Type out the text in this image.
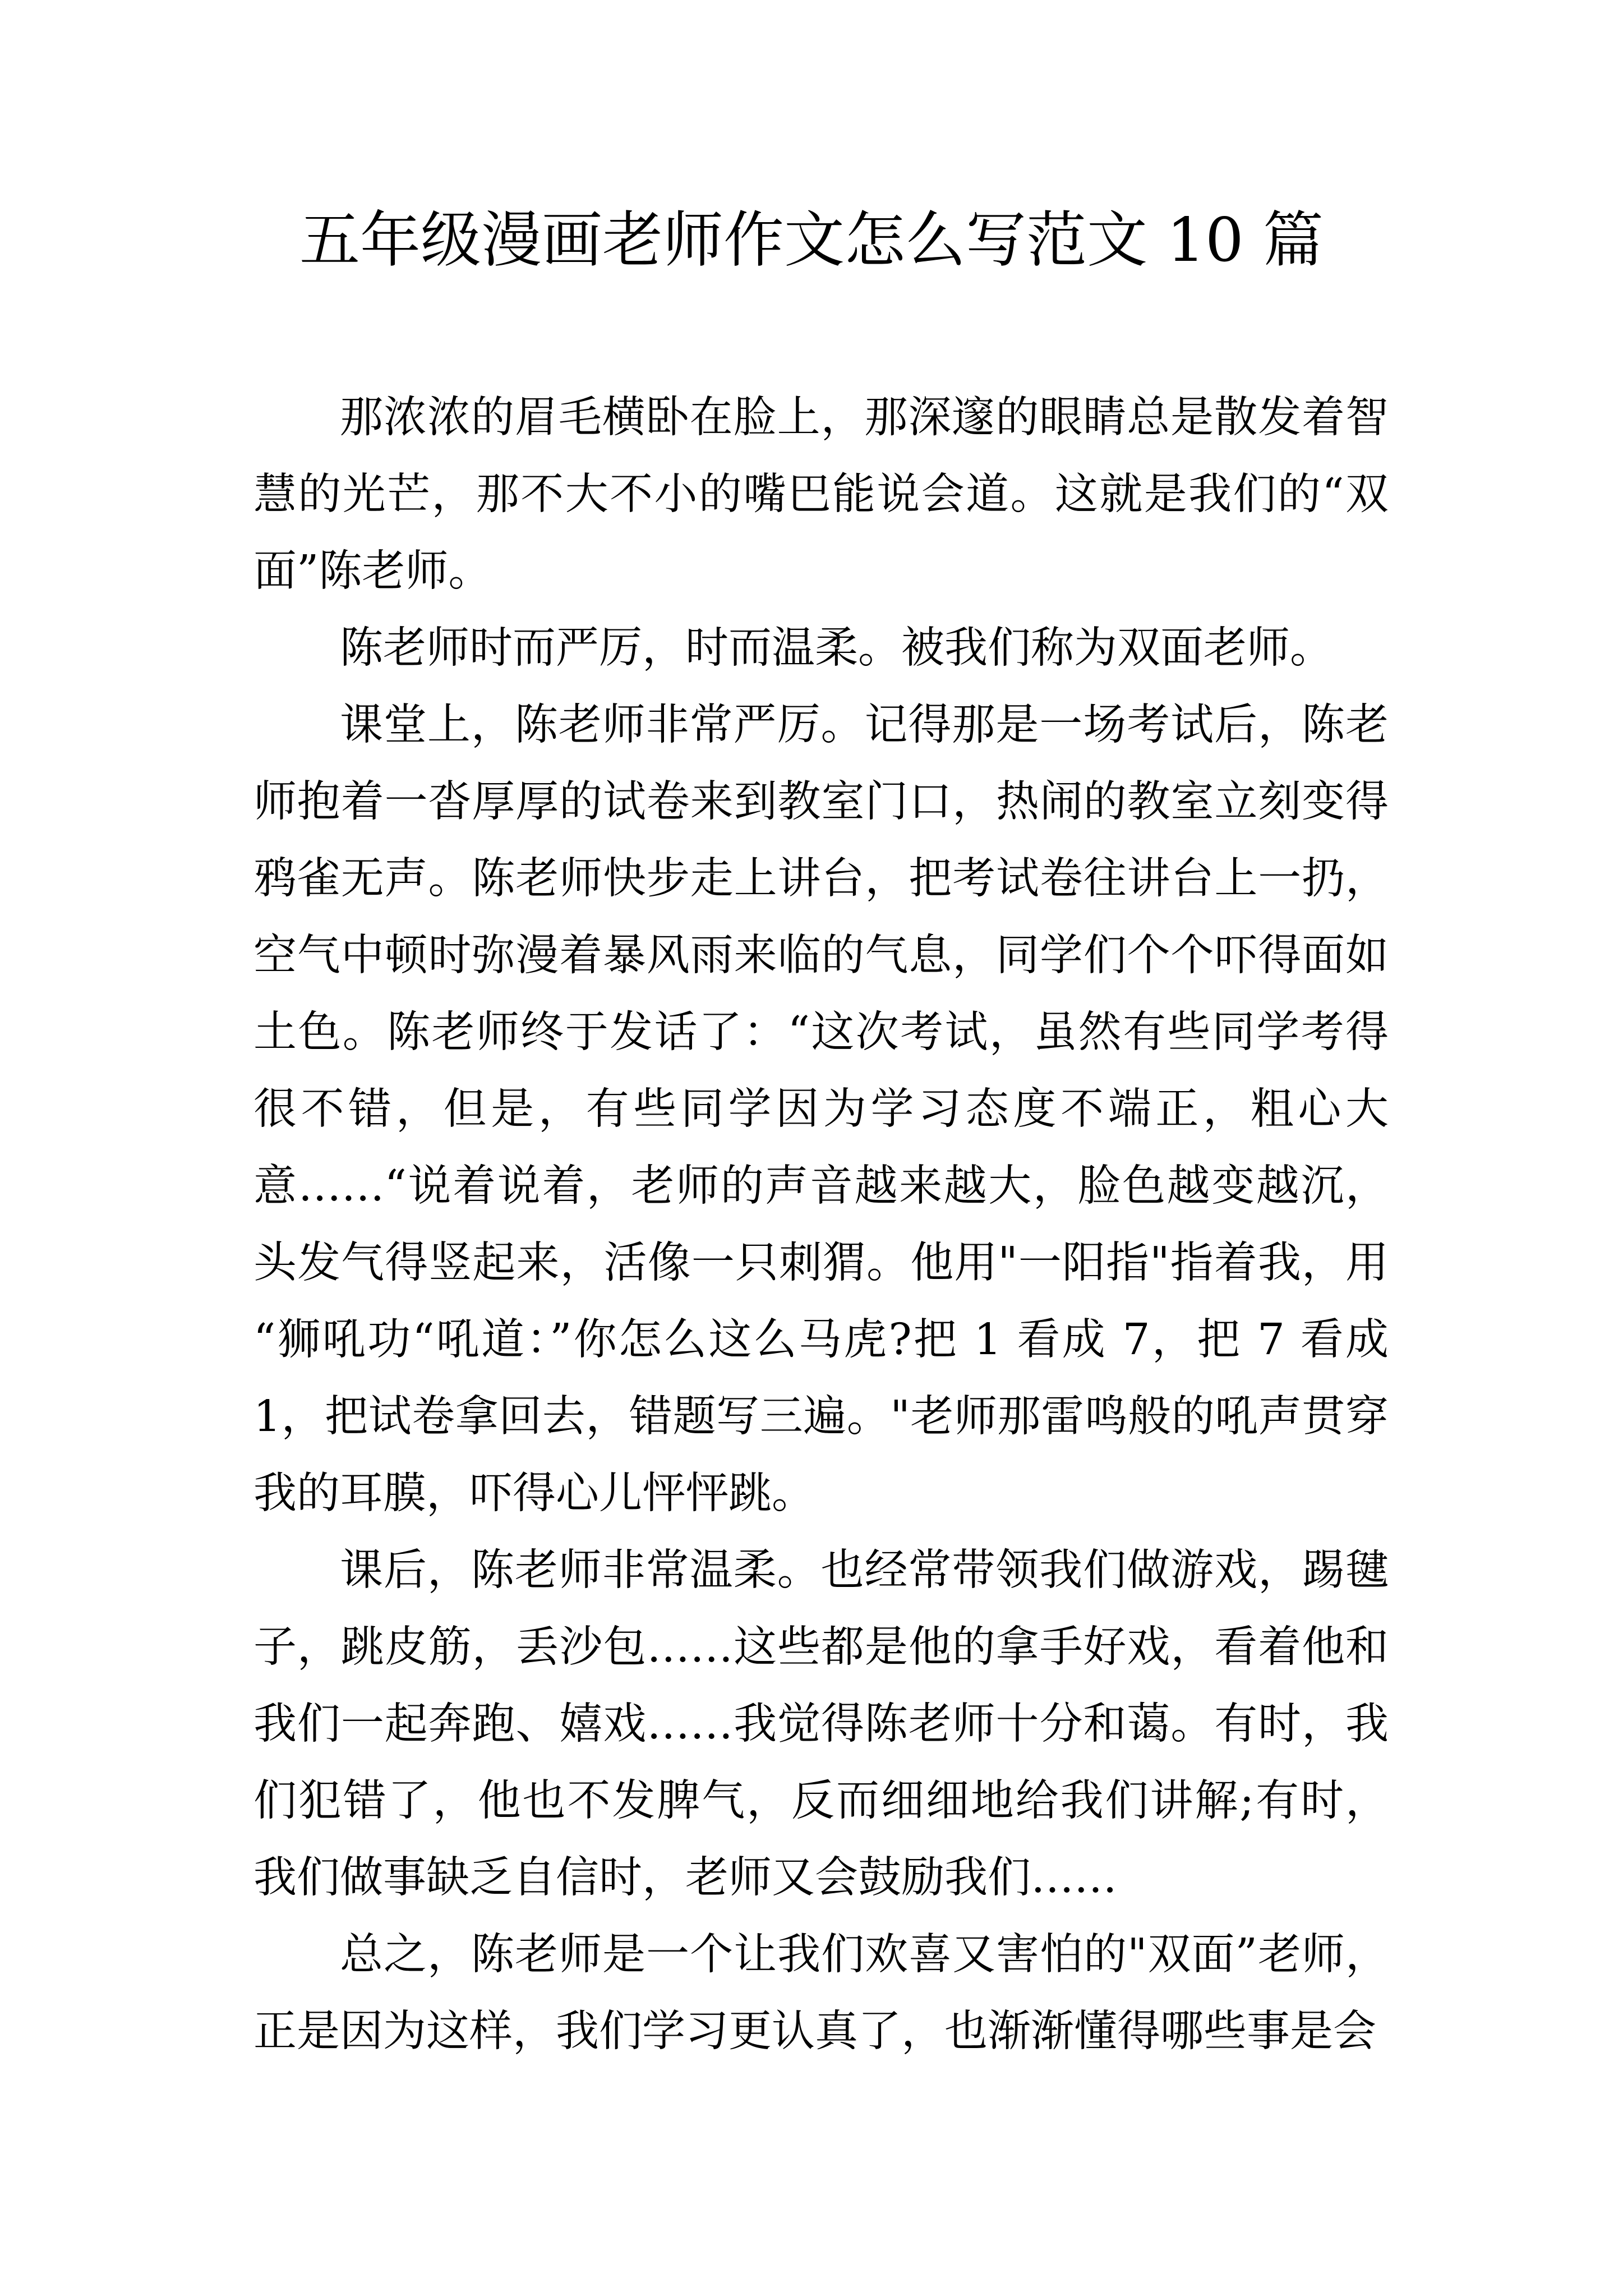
五年级漫画老师作文怎么写范文 10 篇
那浓浓的眉毛横卧在脸上，那深邃的眼睛总是散发着智
慧的光芒，那不大不小的嘴巴能说会道。这就是我们的“双
面”陈老师。
陈老师时而严厉，时而温柔。被我们称为双面老师。
课堂上，陈老师非常严厉。记得那是一场考试后，陈老
师抱着一沓厚厚的试卷来到教室门口，热闹的教室立刻变得
鸦雀无声。陈老师快步走上讲台，把考试卷往讲台上一扔，
空气中顿时弥漫着暴风雨来临的气息，同学们个个吓得面如
土色。陈老师终于发话了：“这次考试，虽然有些同学考得
很不错，但是，有些同学因为学习态度不端正，粗心大
意……“说着说着，老师的声音越来越大，脸色越变越沉，
头发气得竖起来，活像一只刺猬。他用"一阳指"指着我，用
“狮吼功“吼道：”你怎么这么马虎?把 1 看成 7，把 7 看成
1，把试卷拿回去，错题写三遍。"老师那雷鸣般的吼声贯穿
我的耳膜，吓得心儿怦怦跳。
课后，陈老师非常温柔。也经常带领我们做游戏，踢毽
子，跳皮筋，丢沙包……这些都是他的拿手好戏，看着他和
我们一起奔跑、嬉戏……我觉得陈老师十分和蔼。有时，我
们犯错了，他也不发脾气，反而细细地给我们讲解;有时，
我们做事缺乏自信时，老师又会鼓励我们……
总之，陈老师是一个让我们欢喜又害怕的"双面”老师，
正是因为这样，我们学习更认真了，也渐渐懂得哪些事是会
